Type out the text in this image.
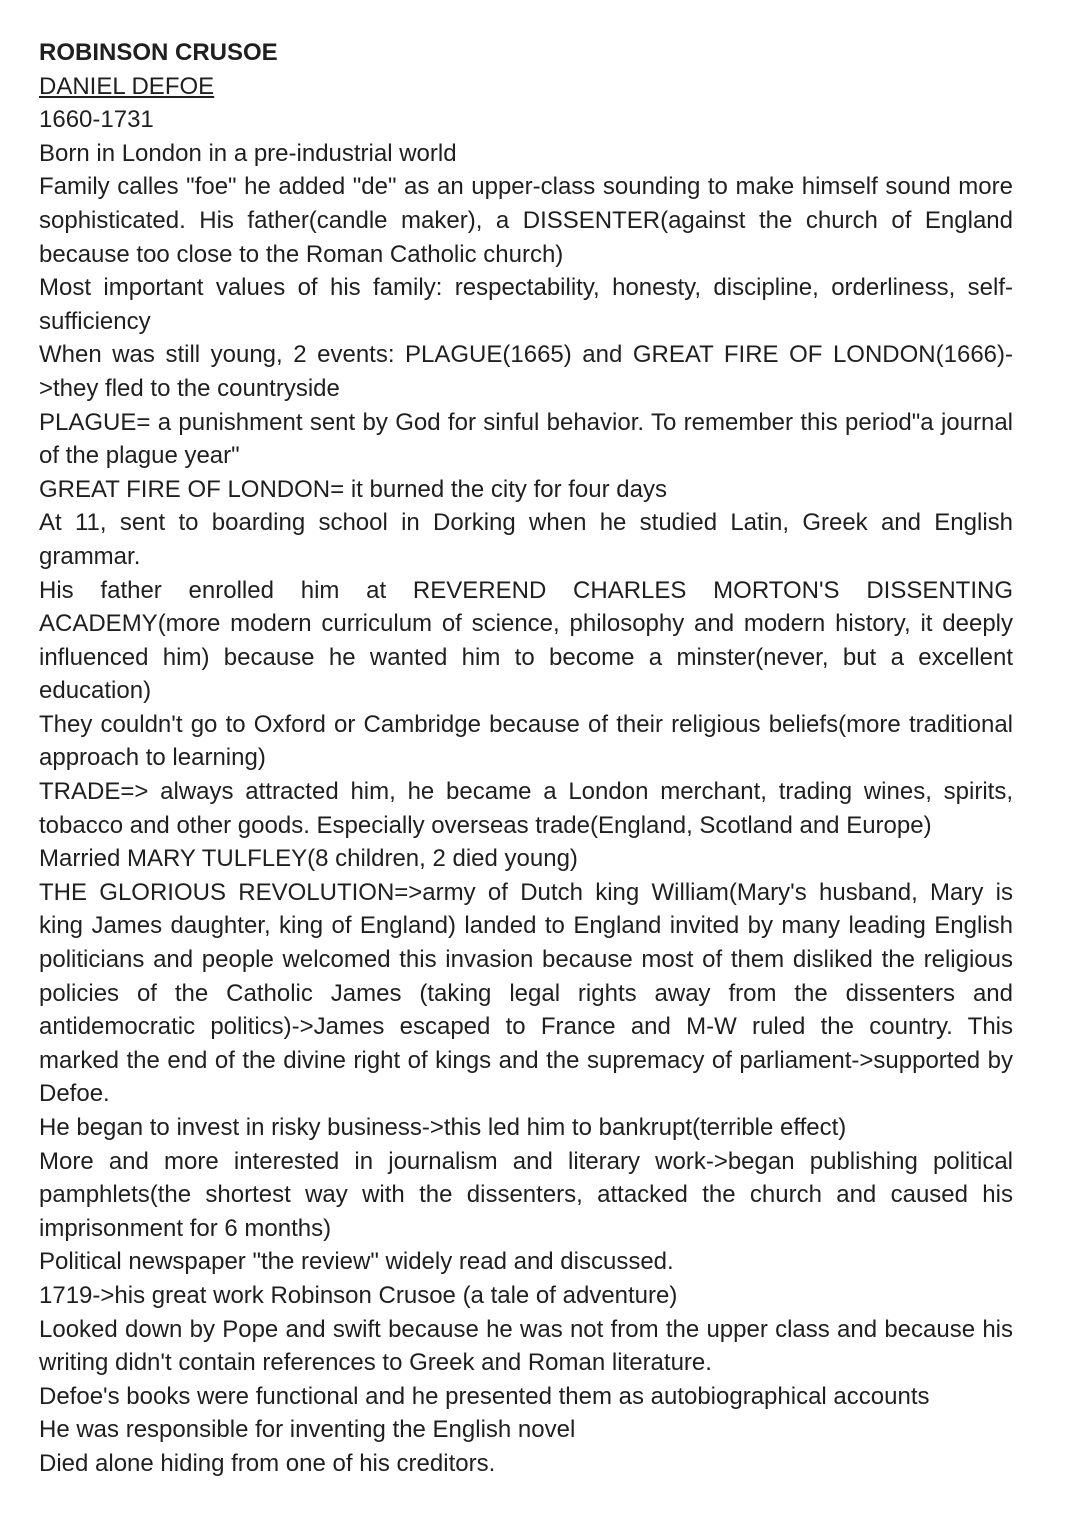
ROBINSON CRUSOE
DANIEL DEFOE
1660-1731
Born in London in a pre-industrial world
Family calles "foe" he added "de" as an upper-class sounding to make himself sound more sophisticated. His father(candle maker), a DISSENTER(against the church of England because too close to the Roman Catholic church)
Most important values of his family: respectability, honesty, discipline, orderliness, self-sufficiency
When was still young, 2 events: PLAGUE(1665) and GREAT FIRE OF LONDON(1666)->they fled to the countryside
PLAGUE= a punishment sent by God for sinful behavior. To remember this period"a journal of the plague year"
GREAT FIRE OF LONDON= it burned the city for four days
At 11, sent to boarding school in Dorking when he studied Latin, Greek and English grammar.
His father enrolled him at REVEREND CHARLES MORTON'S DISSENTING ACADEMY(more modern curriculum of science, philosophy and modern history, it deeply influenced him) because he wanted him to become a minster(never, but a excellent education)
They couldn't go to Oxford or Cambridge because of their religious beliefs(more traditional approach to learning)
TRADE=> always attracted him, he became a London merchant, trading wines, spirits, tobacco and other goods. Especially overseas trade(England, Scotland and Europe)
Married MARY TULFLEY(8 children, 2 died young)
THE GLORIOUS REVOLUTION=>army of Dutch king William(Mary's husband, Mary is king James daughter, king of England) landed to England invited by many leading English politicians and people welcomed this invasion because most of them disliked the religious policies of the Catholic James (taking legal rights away from the dissenters and antidemocratic politics)->James escaped to France and M-W ruled the country. This marked the end of the divine right of kings and the supremacy of parliament->supported by Defoe.
He began to invest in risky business->this led him to bankrupt(terrible effect)
More and more interested in journalism and literary work->began publishing political pamphlets(the shortest way with the dissenters, attacked the church and caused his imprisonment for 6 months)
Political newspaper "the review" widely read and discussed.
1719->his great work Robinson Crusoe (a tale of adventure)
Looked down by Pope and swift because he was not from the upper class and because his writing didn't contain references to Greek and Roman literature.
Defoe's books were functional and he presented them as autobiographical accounts
He was responsible for inventing the English novel
Died alone hiding from one of his creditors.
